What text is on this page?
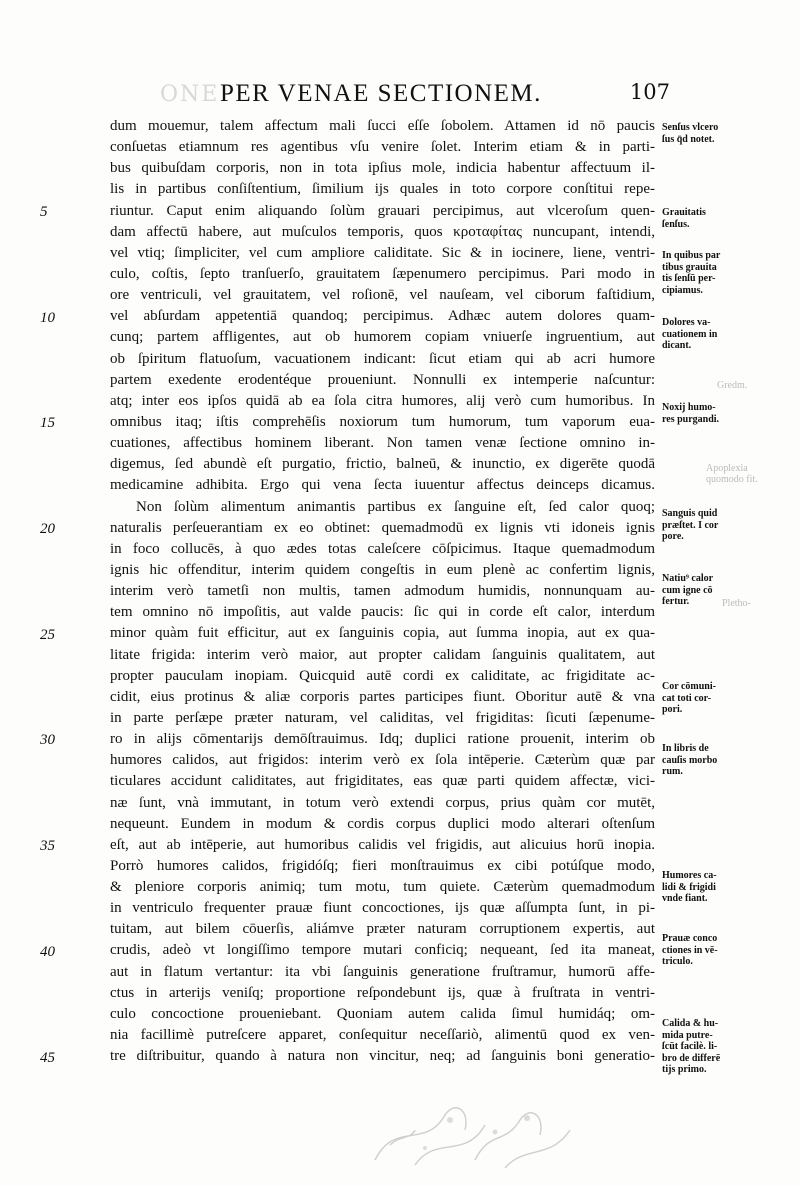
ONE PER VENAE SECTIONEM.	107
5
10
15
20
25
30
35
40
45
dum mouemur, talem affectum mali ſucci eſſe ſobolem. Attamen id nō paucis
conſuetas etiamnum res agentibus vſu venire ſolet. Interim etiam & in parti-
bus quibuſdam corporis, non in tota ipſius mole, indicia habentur affectuum il-
lis in partibus conſiſtentium, ſimilium ijs quales in toto corpore conſtitui repe-
riuntur. Caput enim aliquando ſolùm grauari percipimus, aut vlceroſum quen-
dam affectū habere, aut muſculos temporis, quos κροταφίτας nuncupant, intendi,
vel vtiq; ſimpliciter, vel cum ampliore caliditate. Sic & in iocinere, liene, ventri-
culo, coſtis, ſepto tranſuerſo, grauitatem ſæpenumero percipimus. Pari modo in
ore ventriculi, vel grauitatem, vel roſionē, vel nauſeam, vel ciborum faſtidium,
vel abſurdam appetentiā quandoq; percipimus. Adhæc autem dolores quam-
cunq; partem affligentes, aut ob humorem copiam vniuerſe ingruentium, aut
ob ſpiritum flatuoſum, vacuationem indicant: ſicut etiam qui ab acri humore
partem exedente erodentéque proueniunt. Nonnulli ex intemperie naſcuntur:
atq; inter eos ipſos quidā ab ea ſola citra humores, alij verò cum humoribus. In
omnibus itaq; iſtis comprehēſis noxiorum tum humorum, tum vaporum eua-
cuationes, affectibus hominem liberant. Non tamen venæ ſectione omnino in-
digemus, ſed abundè eſt purgatio, frictio, balneū, & inunctio, ex digerēte quodā
medicamine adhibita. Ergo qui vena ſecta iuuentur affectus deinceps dicamus.
Non ſolùm alimentum animantis partibus ex ſanguine eſt, ſed calor quoq;
naturalis perſeuerantiam ex eo obtinet: quemadmodū ex lignis vti idoneis ignis
in foco collucēs, à quo ædes totas caleſcere cōſpicimus. Itaque quemadmodum
ignis hic offenditur, interim quidem congeſtis in eum plenè ac confertim lignis,
interim verò tametſi non multis, tamen admodum humidis, nonnunquam au-
tem omnino nō impoſitis, aut valde paucis: ſic qui in corde eſt calor, interdum
minor quàm fuit efficitur, aut ex ſanguinis copia, aut ſumma inopia, aut ex qua-
litate frigida: interim verò maior, aut propter calidam ſanguinis qualitatem, aut
propter pauculam inopiam. Quicquid autē cordi ex caliditate, ac frigiditate ac-
cidit, eius protinus & aliæ corporis partes participes fiunt. Oboritur autē & vna
in parte perſæpe præter naturam, vel caliditas, vel frigiditas: ſicuti ſæpenume-
ro in alijs cōmentarijs demōſtrauimus. Idq; duplici ratione prouenit, interim ob
humores calidos, aut frigidos: interim verò ex ſola intēperie. Cæterùm quæ par
ticulares accidunt caliditates, aut frigiditates, eas quæ parti quidem affectæ, vici-
næ ſunt, vnà immutant, in totum verò extendi corpus, prius quàm cor mutēt,
nequeunt. Eundem in modum & cordis corpus duplici modo alterari oſtenſum
eſt, aut ab intēperie, aut humoribus calidis vel frigidis, aut alicuius horū inopia.
Porrò humores calidos, frigidóſq; fieri monſtrauimus ex cibi potúſque modo,
& pleniore corporis animiq; tum motu, tum quiete. Cæterùm quemadmodum
in ventriculo frequenter prauæ fiunt concoctiones, ijs quæ aſſumpta ſunt, in pi-
tuitam, aut bilem cōuerſis, aliámve præter naturam corruptionem expertis, aut
crudis, adeò vt longiſſimo tempore mutari conficiq; nequeant, ſed ita maneat,
aut in flatum vertantur: ita vbi ſanguinis generatione fruſtramur, humorū affe-
ctus in arterijs veniſq; proportione reſpondebunt ijs, quæ à fruſtrata in ventri-
culo concoctione proueniebant. Quoniam autem calida ſimul humidáq; om-
nia facillimè putreſcere apparet, conſequitur neceſſariò, alimentū quod ex ven-
tre diſtribuitur, quando à natura non vincitur, neq; ad ſanguinis boni generatio-
Senſus vlcero
ſus q̄d notet.
Grauitatis
ſenſus.
In quibus par
tibus grauita
tis ſenſū per-
cipiamus.
Dolores va-
cuationem in
dicant.
Noxij humo-
res purgandi.
Sanguis quid
præſtet. I cor
pore.
Natiu⁹ calor
cum igne cō
fertur.
Cor cōmuni-
cat toti cor-
pori.
In libris de
cauſis morbo
rum.
Humores ca-
lidi & frigidi
vnde fiant.
Prauæ conco
ctiones in vē-
triculo.
Calida & hu-
mida putre-
ſcūt facilè. li-
bro de differē
tijs primo.
Gredm.
Apoplexia
quomodo fit.
Pletho-
